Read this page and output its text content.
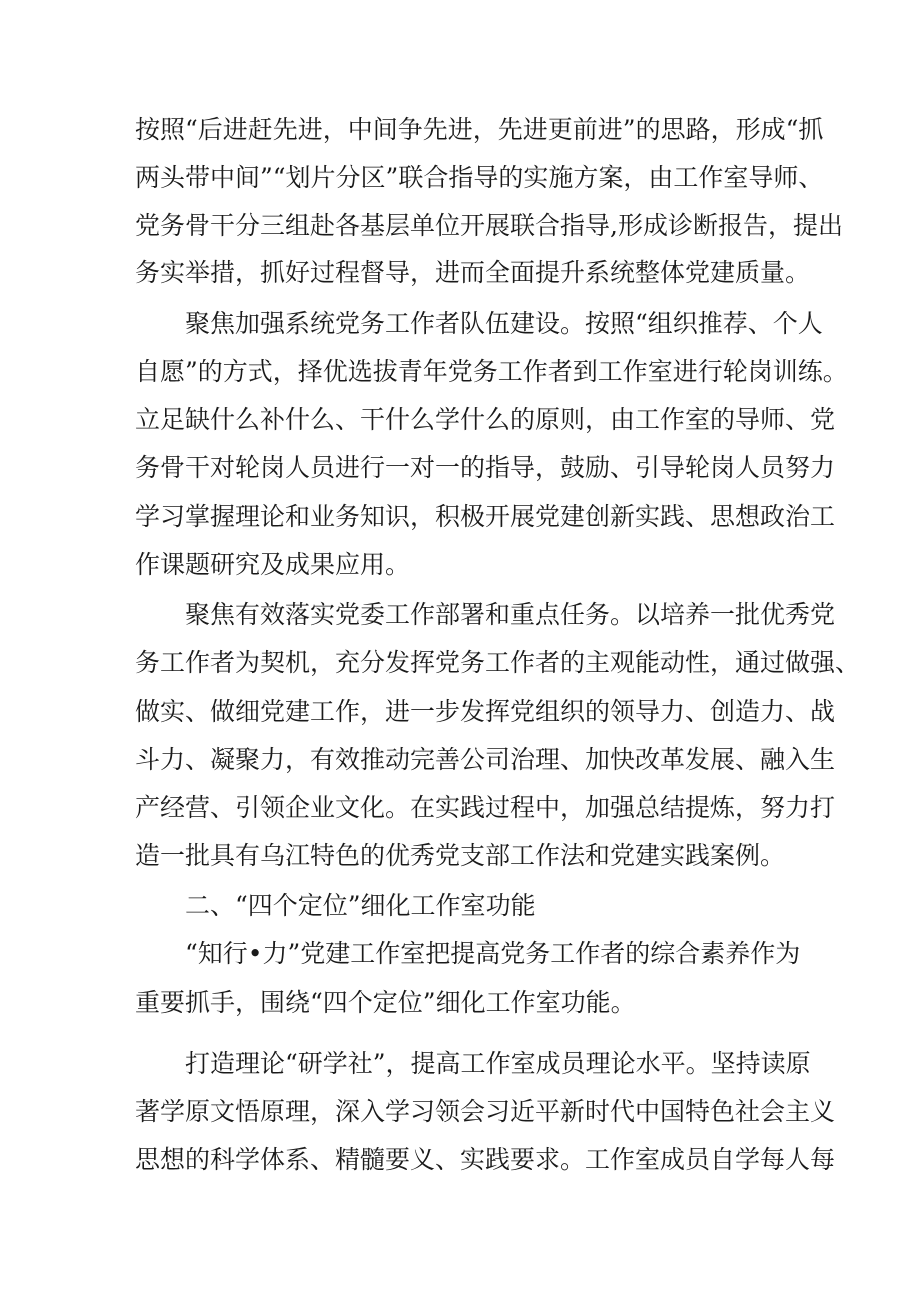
按照“后进赶先进，中间争先进，先进更前进”的思路，形成“抓
两头带中间”“划片分区”联合指导的实施方案，由工作室导师、
党务骨干分三组赴各基层单位开展联合指导,形成诊断报告，提出
务实举措，抓好过程督导，进而全面提升系统整体党建质量。
聚焦加强系统党务工作者队伍建设。按照“组织推荐、个人
自愿”的方式，择优选拔青年党务工作者到工作室进行轮岗训练。
立足缺什么补什么、干什么学什么的原则，由工作室的导师、党
务骨干对轮岗人员进行一对一的指导，鼓励、引导轮岗人员努力
学习掌握理论和业务知识，积极开展党建创新实践、思想政治工
作课题研究及成果应用。
聚焦有效落实党委工作部署和重点任务。以培养一批优秀党
务工作者为契机，充分发挥党务工作者的主观能动性，通过做强、
做实、做细党建工作，进一步发挥党组织的领导力、创造力、战
斗力、凝聚力，有效推动完善公司治理、加快改革发展、融入生
产经营、引领企业文化。在实践过程中，加强总结提炼，努力打
造一批具有乌江特色的优秀党支部工作法和党建实践案例。
二、“四个定位”细化工作室功能
“知行•力”党建工作室把提高党务工作者的综合素养作为
重要抓手，围绕“四个定位”细化工作室功能。
打造理论“研学社”，提高工作室成员理论水平。坚持读原
著学原文悟原理，深入学习领会习近平新时代中国特色社会主义
思想的科学体系、精髓要义、实践要求。工作室成员自学每人每
